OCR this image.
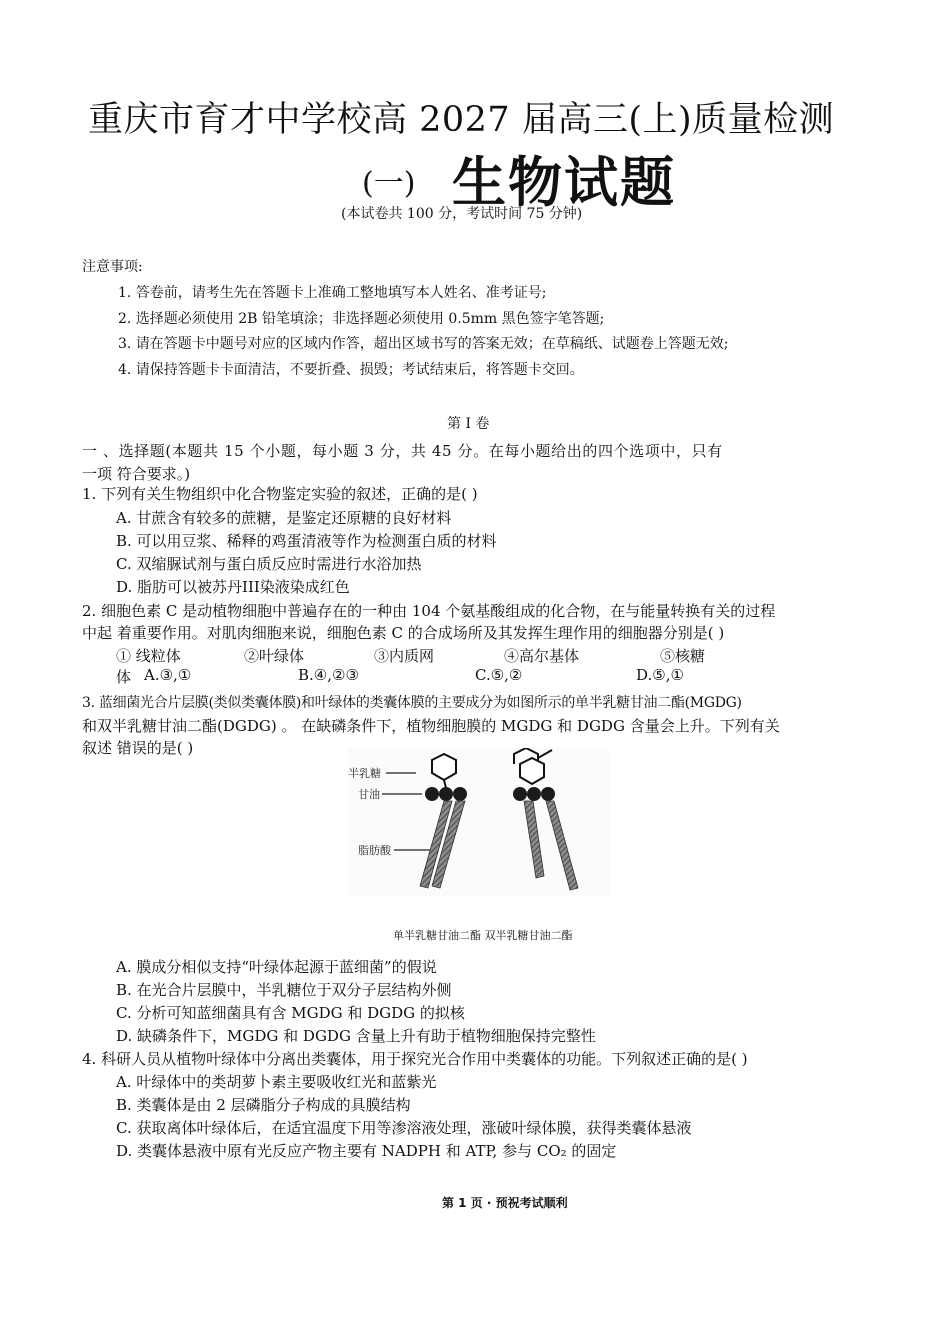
重庆市育才中学校高 2027 届高三(上)质量检测
(一) 生物试题
(本试卷共 100 分，考试时间 75 分钟)
注意事项:
1. 答卷前，请考生先在答题卡上准确工整地填写本人姓名、准考证号;
2. 选择题必须使用 2B 铅笔填涂；非选择题必须使用 0.5mm 黑色签字笔答题;
3. 请在答题卡中题号对应的区域内作答，超出区域书写的答案无效；在草稿纸、试题卷上答题无效;
4. 请保持答题卡卡面清洁，不要折叠、损毁；考试结束后，将答题卡交回。
第 I 卷
一 、选择题(本题共 15 个小题，每小题 3 分，共 45 分。在每小题给出的四个选项中，只有
一项 符合要求。)
1. 下列有关生物组织中化合物鉴定实验的叙述，正确的是( )
A. 甘蔗含有较多的蔗糖，是鉴定还原糖的良好材料
B. 可以用豆浆、稀释的鸡蛋清液等作为检测蛋白质的材料
C. 双缩脲试剂与蛋白质反应时需进行水浴加热
D. 脂肪可以被苏丹III染液染成红色
2. 细胞色素 C 是动植物细胞中普遍存在的一种由 104 个氨基酸组成的化合物，在与能量转换有关的过程
中起 着重要作用。对肌肉细胞来说，细胞色素 C 的合成场所及其发挥生理作用的细胞器分别是( )
① 线粒体	②叶绿体	③内质网	④高尔基体	⑤核糖
体 A.③,①	B.④,②③	C.⑤,②	D.⑤,①
3. 蓝细菌光合片层膜(类似类囊体膜)和叶绿体的类囊体膜的主要成分为如图所示的单半乳糖甘油二酯(MGDG)
和双半乳糖甘油二酯(DGDG) 。 在缺磷条件下，植物细胞膜的 MGDG 和 DGDG 含量会上升。下列有关
叙述 错误的是( )
半乳糖
甘油
脂肪酸
单半乳糖甘油二酯 双半乳糖甘油二酯
A. 膜成分相似支持“叶绿体起源于蓝细菌”的假说
B. 在光合片层膜中，半乳糖位于双分子层结构外侧
C. 分析可知蓝细菌具有含 MGDG 和 DGDG 的拟核
D. 缺磷条件下，MGDG 和 DGDG 含量上升有助于植物细胞保持完整性
4. 科研人员从植物叶绿体中分离出类囊体，用于探究光合作用中类囊体的功能。下列叙述正确的是( )
A. 叶绿体中的类胡萝卜素主要吸收红光和蓝紫光
B. 类囊体是由 2 层磷脂分子构成的具膜结构
C. 获取离体叶绿体后，在适宜温度下用等渗溶液处理，涨破叶绿体膜，获得类囊体悬液
D. 类囊体悬液中原有光反应产物主要有 NADPH 和 ATP, 参与 CO₂ 的固定
第 1 页 · 预祝考试顺利
